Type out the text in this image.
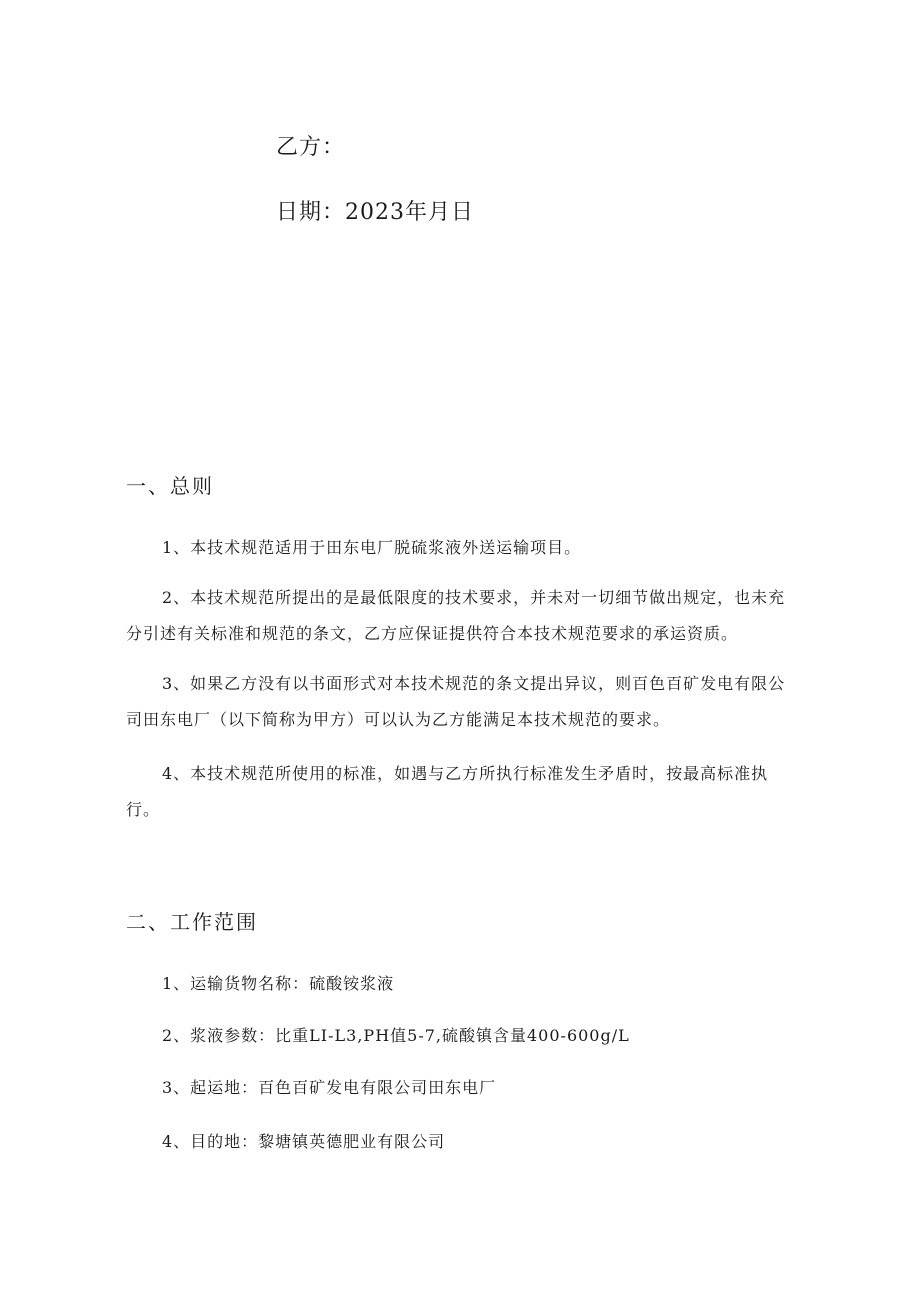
乙方：
日期：2023年月日
一、总则

1、本技术规范适用于田东电厂脱硫浆液外送运输项目。

2、本技术规范所提出的是最低限度的技术要求，并未对一切细节做出规定，也未充分引述有关标准和规范的条文，乙方应保证提供符合本技术规范要求的承运资质。

3、如果乙方没有以书面形式对本技术规范的条文提出异议，则百色百矿发电有限公司田东电厂（以下简称为甲方）可以认为乙方能满足本技术规范的要求。

4、本技术规范所使用的标准，如遇与乙方所执行标准发生矛盾时，按最高标准执行。

二、工作范围
1、运输货物名称：硫酸铵浆液
2、浆液参数：比重LI-L3,PH值5-7,硫酸镇含量400-600g∕L
3、起运地：百色百矿发电有限公司田东电厂
4、目的地：黎塘镇英德肥业有限公司
